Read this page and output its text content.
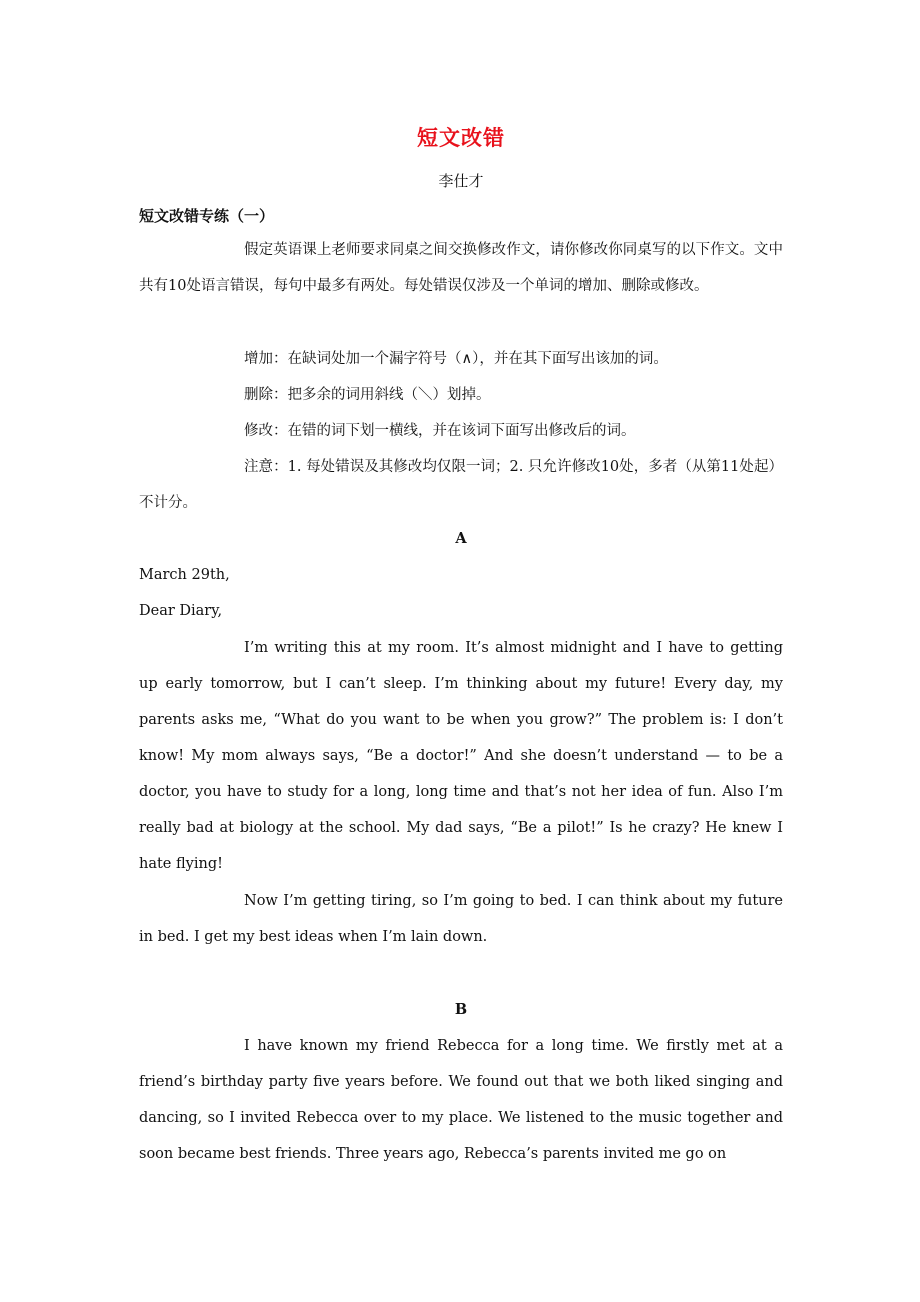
短文改错
李仕才
短文改错专练（一）

假定英语课上老师要求同桌之间交换修改作文，请你修改你同桌写的以下作文。文中共有10处语言错误，每句中最多有两处。每处错误仅涉及一个单词的增加、删除或修改。

增加：在缺词处加一个漏字符号（∧），并在其下面写出该加的词。

删除：把多余的词用斜线（＼）划掉。

修改：在错的词下划一横线，并在该词下面写出修改后的词。

注意：1. 每处错误及其修改均仅限一词；2. 只允许修改10处，多者（从第11处起）不计分。

A
March 29th,
Dear Diary,

I’m writing this at my room. It’s almost midnight and I have to getting up early tomorrow, but I can’t sleep. I’m thinking about my future! Every day, my parents asks me, “What do you want to be when you grow?” The problem is: I don’t know! My mom always says, “Be a doctor!” And she doesn’t understand — to be a doctor, you have to study for a long, long time and that’s not her idea of fun. Also I’m really bad at biology at the school. My dad says, “Be a pilot!” Is he crazy? He knew I hate flying!

Now I’m getting tiring, so I’m going to bed. I can think about my future in bed. I get my best ideas when I’m lain down.

B

I have known my friend Rebecca for a long time. We firstly met at a friend’s birthday party five years before. We found out that we both liked singing and dancing, so I invited Rebecca over to my place. We listened to the music together and soon became best friends. Three years ago, Rebecca’s parents invited me go on
